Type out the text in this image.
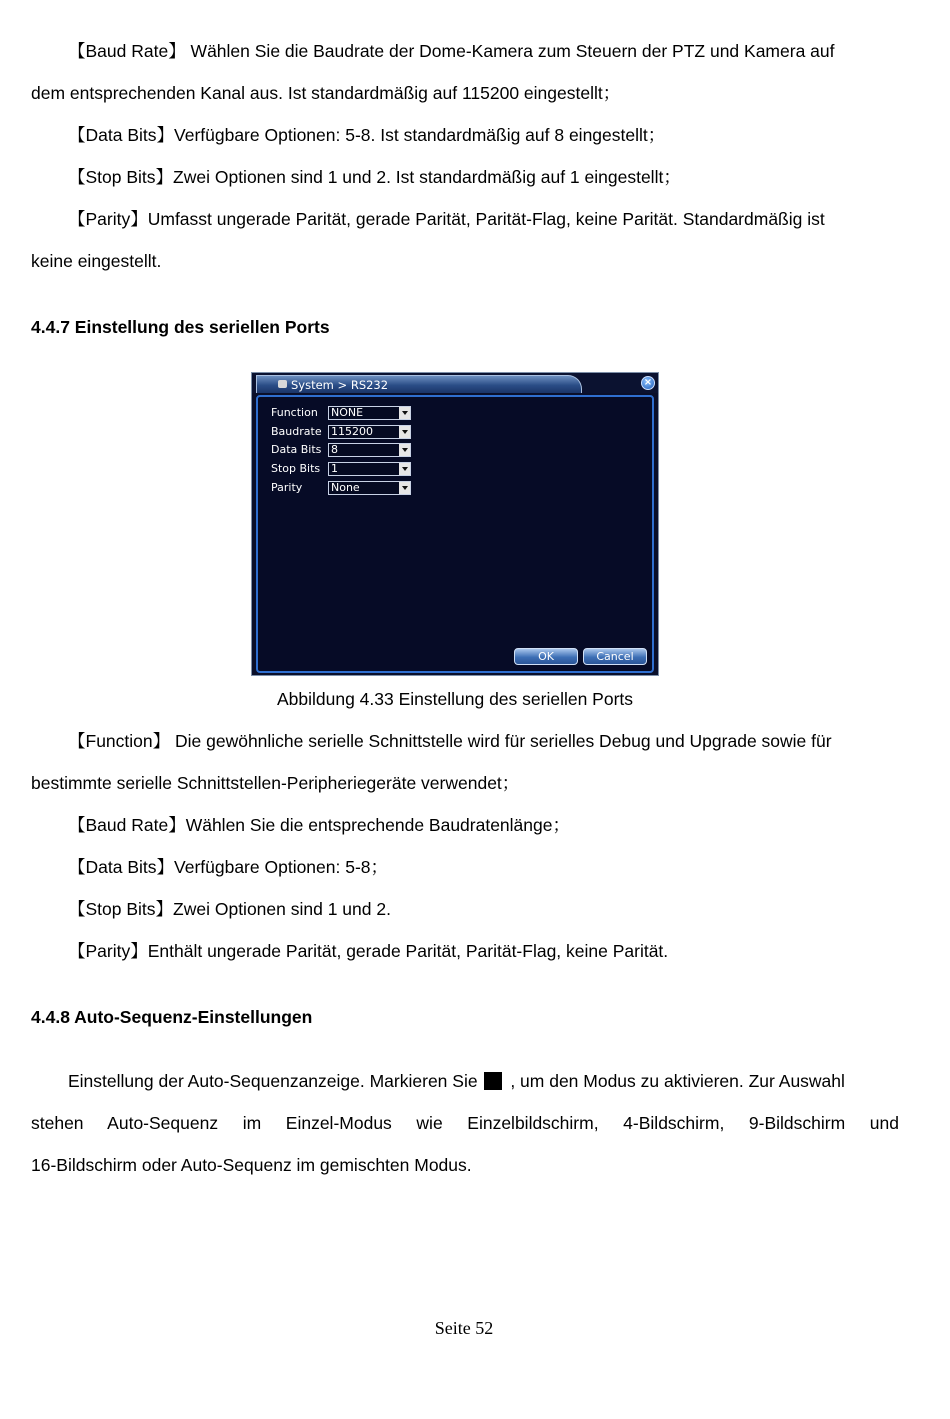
【Baud Rate】 Wählen Sie die Baudrate der Dome-Kamera zum Steuern der PTZ und Kamera auf

dem entsprechenden Kanal aus. Ist standardmäßig auf 115200 eingestellt；

【Data Bits】Verfügbare Optionen: 5-8. Ist standardmäßig auf 8 eingestellt；

【Stop Bits】Zwei Optionen sind 1 und 2. Ist standardmäßig auf 1 eingestellt；

【Parity】Umfasst ungerade Parität, gerade Parität, Parität-Flag, keine Parität. Standardmäßig ist

keine eingestellt.

4.4.7 Einstellung des seriellen Ports
System > RS232	×
Function NONE
Baudrate 115200
Data Bits 8
Stop Bits 1
Parity	None
OK	Cancel
Abbildung 4.33 Einstellung des seriellen Ports

【Function】 Die gewöhnliche serielle Schnittstelle wird für serielles Debug und Upgrade sowie für

bestimmte serielle Schnittstellen-Peripheriegeräte verwendet；

【Baud Rate】Wählen Sie die entsprechende Baudratenlänge；

【Data Bits】Verfügbare Optionen: 5-8；

【Stop Bits】Zwei Optionen sind 1 und 2.

【Parity】Enthält ungerade Parität, gerade Parität, Parität-Flag, keine Parität.

4.4.8 Auto-Sequenz-Einstellungen

Einstellung der Auto-Sequenzanzeige. Markieren Sie , um den Modus zu aktivieren. Zur Auswahl

stehen Auto-Sequenz im Einzel-Modus wie Einzelbildschirm, 4-Bildschirm, 9-Bildschirm und

16-Bildschirm oder Auto-Sequenz im gemischten Modus.

Seite 52
